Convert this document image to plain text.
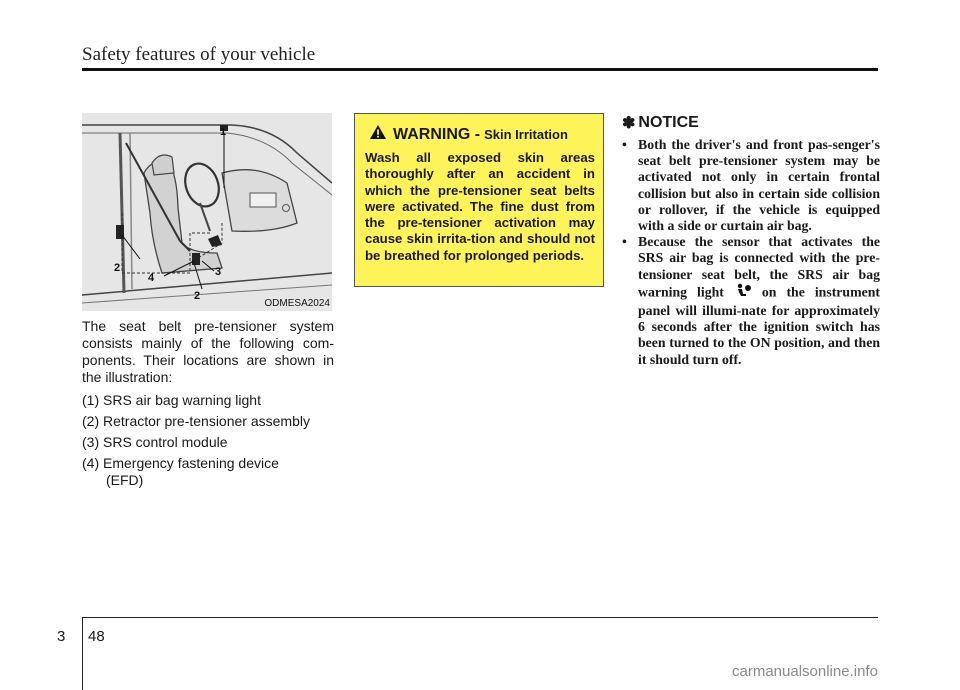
Safety features of your vehicle
1
2	3
4
2
ODMESA2024

The seat belt pre-tensioner system consists mainly of the following com-ponents. Their locations are shown in the illustration:

(1) SRS air bag warning light
(2) Retractor pre-tensioner assembly
(3) SRS control module
(4) Emergency fastening device
(EFD)
WARNING - Skin Irritation
Wash all exposed skin areas thoroughly after an accident in which the pre-tensioner seat belts were activated. The fine dust from the pre-tensioner activation may cause skin irrita-tion and should not be breathed for prolonged periods.
✽ NOTICE
• Both the driver's and front pas-senger's seat belt pre-tensioner system may be activated not only in certain frontal collision but also in certain side collision or rollover, if the vehicle is equipped with a side or curtain air bag.
• Because the sensor that activates the SRS air bag is connected with the pre-tensioner seat belt, the SRS air bag warning light	on the instrument panel will illumi-nate for approximately 6 seconds after the ignition switch has been turned to the ON position, and then it should turn off.
3 48
carmanualsonline.info
